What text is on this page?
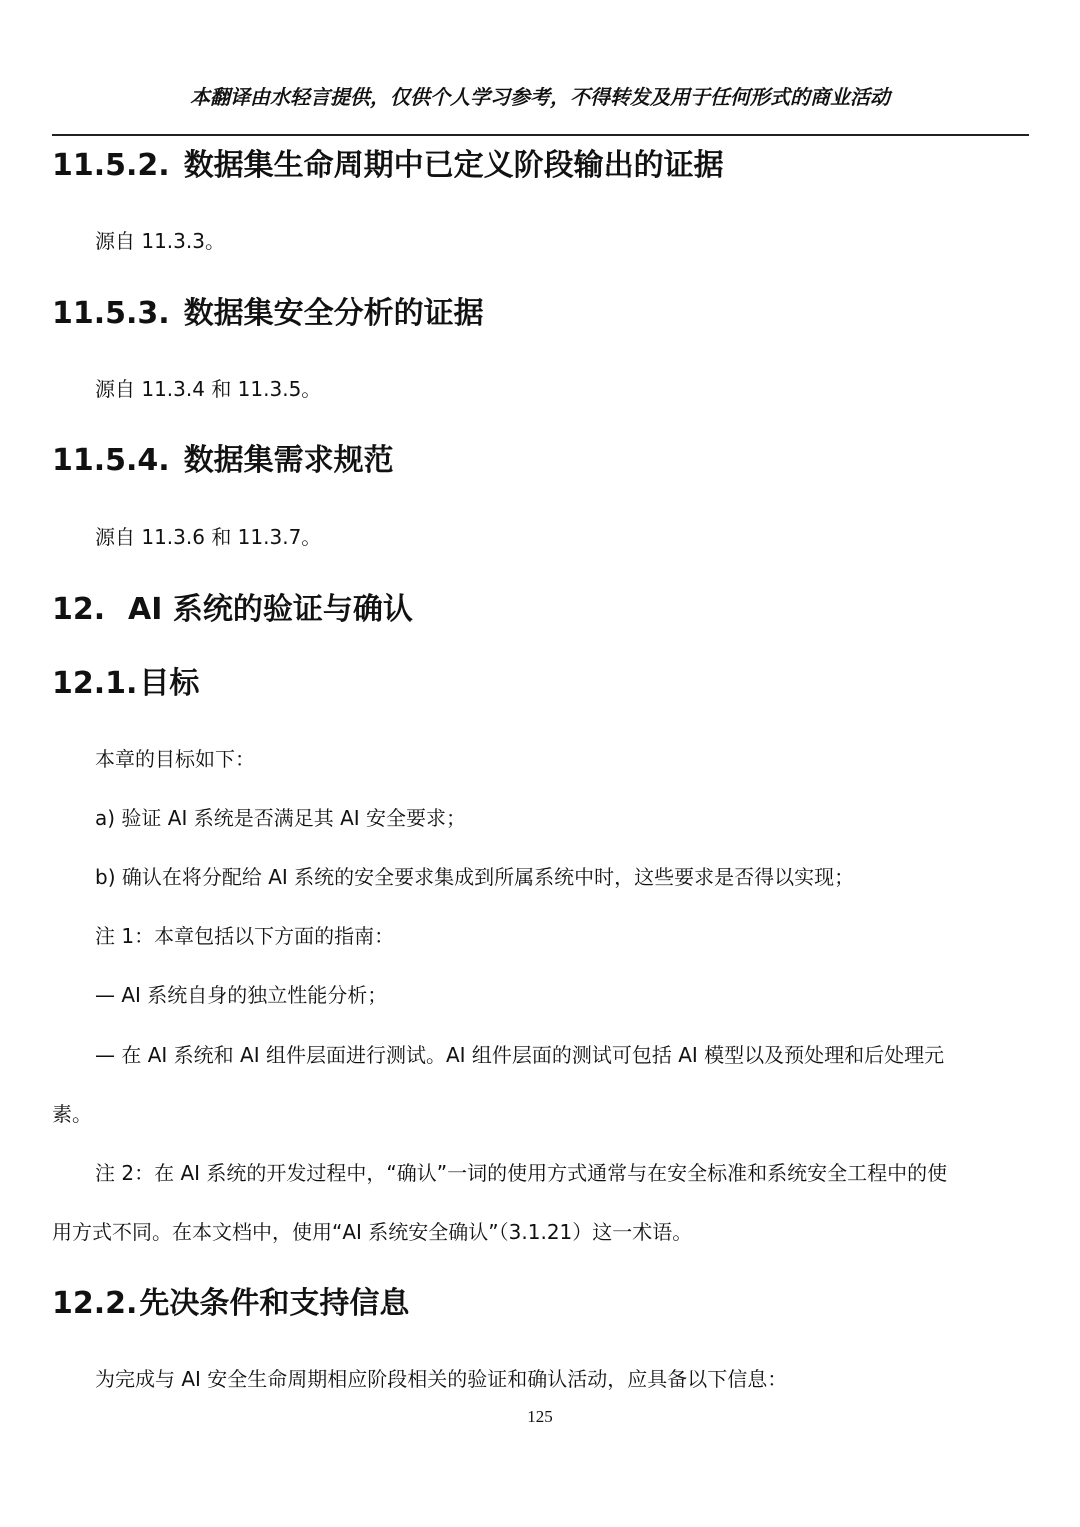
本翻译由水轻言提供，仅供个人学习参考，不得转发及用于任何形式的商业活动
11.5.2. 数据集生命周期中已定义阶段输出的证据
源自 11.3.3。
11.5.3. 数据集安全分析的证据
源自 11.3.4 和 11.3.5。
11.5.4. 数据集需求规范
源自 11.3.6 和 11.3.7。
12. AI 系统的验证与确认
12.1.目标
本章的目标如下：
a) 验证 AI 系统是否满足其 AI 安全要求；
b) 确认在将分配给 AI 系统的安全要求集成到所属系统中时，这些要求是否得以实现；
注 1：本章包括以下方面的指南：
— AI 系统自身的独立性能分析；
— 在 AI 系统和 AI 组件层面进行测试。AI 组件层面的测试可包括 AI 模型以及预处理和后处理元
素。
注 2：在 AI 系统的开发过程中，“确认”一词的使用方式通常与在安全标准和系统安全工程中的使
用方式不同。在本文档中，使用“AI 系统安全确认”（3.1.21）这一术语。
12.2.先决条件和支持信息
为完成与 AI 安全生命周期相应阶段相关的验证和确认活动，应具备以下信息：
125
